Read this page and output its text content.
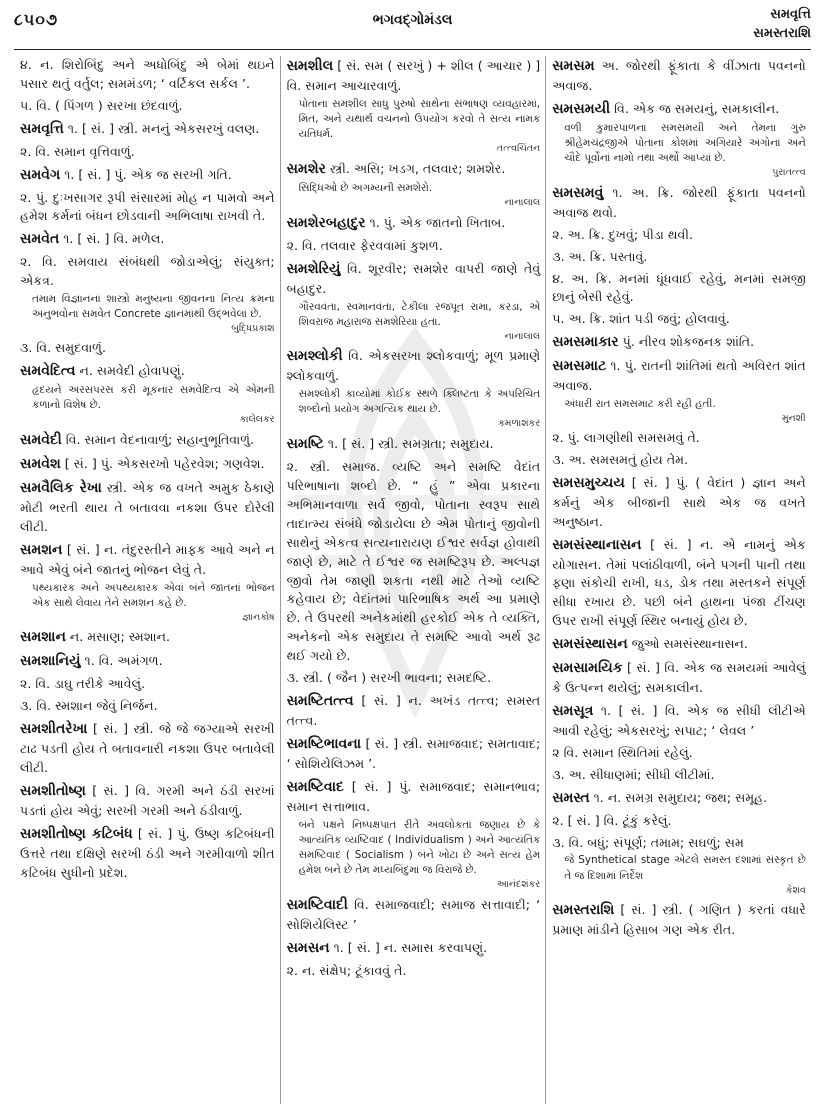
૮૫૦૭	ભગવદ્ગોમંડલ	સમવૃત્તિ
સમસ્તરાશિ
૪. ન. શિરોબિંદુ અને અધોબિંદુ એ બેમાં થઇને પસાર થતું વર્તુલ; સમમંડળ; ‘ વર્ટિકલ સર્કલ ’.
૫. વિ. ( પિંગળ ) સરખા છંદવાળું.
સમવૃત્તિ ૧. [ સં. ] સ્ત્રી. મનનું એકસરખું વલણ.
૨. વિ. સમાન વૃત્તિવાળું.
સમવેગ ૧. [ સં. ] પું. એક જ સરખી ગતિ.
૨. પું. દુઃખસાગર રૂપી સંસારમાં મોહ ન પામવો અને હમેશ કર્મનાં બંધન છોડવાની અભિલાષા રાખવી તે.
સમવેત ૧. [ સં. ] વિ. મળેલ.
૨. વિ. સમવાય સંબંધથી જોડાએલું; સંયુક્ત; એકત્ર.
તમામ વિજ્ઞાનનાં શાસ્ત્રો મનુષ્યના જીવનના નિત્ય ક્રમના અનુભવોના સમવેત Concrete જ્ઞાનમાંથી ઉદ્ભવેલાં છે.
બુદ્ધિપ્રકાશ
૩. વિ. સમુદવાળું.
સમવેદિત્વ ન. સમવેદી હોવાપણું.
હૃદયને અરસપરસ કરી મૂકનાર સમવેદિત્વ એ એમની કળાનો વિશેષ છે.
કાલેલકર
સમવેદી વિ. સમાન વેદનાવાળું; સહાનુભૂતિવાળું.
સમવેશ [ સં. ] પું. એકસરખો પહેરવેશ; ગણવેશ.
સમવૈલિક રેખા સ્ત્રી. એક જ વખતે અમુક ઠેકાણે મોટી ભરતી થાય તે બતાવવા નકશા ઉપર દોરેલી લીટી.
સમશન [ સં. ] ન. તંદુરસ્તીને માફક આવે અને ન આવે એવું બંને જાતનું ભોજન લેવું તે.
પથ્યકારક અને અપથ્યકારક એવાં બંને જાતનાં ભોજન એક સાથે લેવાય તેને સમશન કહે છે.
જ્ઞાનકોષ
સમશાન ન. મસાણ; સ્મશાન.
સમશાનિયું ૧. વિ. અમંગળ.
૨. વિ. ડાઘુ તરીકે આવેલું.
૩. વિ. સ્મશાન જેવું નિર્જન.
સમશીતરેખા [ સં. ] સ્ત્રી. જે જે જગ્યાએ સરખી ટાઢ પડતી હોય તે બતાવનારી નકશા ઉપર બતાવેલી લીટી.
સમશીતોષ્ણ [ સં. ] વિ. ગરમી અને ઠંડી સરખાં પડતાં હોય એવું; સરખી ગરમી અને ઠંડીવાળું.
સમશીતોષ્ણ કટિબંધ [ સં. ] પું. ઉષ્ણ કટિબંધની ઉત્તરે તથા દક્ષિણે સરખી ઠંડી અને ગરમીવાળો શીત કટિબંધ સુધીનો પ્રદેશ.
સમશીલ [ સં. સમ ( સરખું ) + શીલ ( આચાર ) ] વિ. સમાન આચારવાળું.
પોતાના સમશીલ સાધુ પુરુષો સાથેના સંભાષણ વ્યવહારમાં, મિત, અને યથાર્થ વચનનો ઉપયોગ કરવો તે સત્ય નામક યતિધર્મ.
તત્ત્વચિંતન
સમશેર સ્ત્રી. અસિ; ખડગ, તલવાર; શમશેર.
સિદ્ધિઓ છે અગમ્યની સમશેરો.
નાનાલાલ
સમશેરબહાદુર ૧. પું. એક જાતનો ખિતાબ.
૨. વિ. તલવાર ફેરવવામાં કુશળ.
સમશેરિયું વિ. શૂરવીર; સમશેર વાપરી જાણે તેવું બહાદુર.
ગૌરવવંતા, સ્વમાનવંતા, ટેકીલા રજપૂત રામા, કરડા, એ શિવરાજ મહારાજ સમશેરિયા હતા.
નાનાલાલ
સમશ્લોકી વિ. એકસરખા શ્લોકવાળું; મૂળ પ્રમાણે શ્લોકવાળું.
સમશ્લોકી કાવ્યોમાં કોઈક સ્થળે ક્લિષ્ટતા કે અપરિચિત શબ્દોનો પ્રયોગ અગત્યિક થાય છે.
કમળાશંકર
સમષ્ટિ ૧. [ સં. ] સ્ત્રી. સમગ્રતા; સમુદાય.
૨. સ્ત્રી. સમાજ. વ્યષ્ટિ અને સમષ્ટિ વેદાંત પરિભાષાના શબ્દો છે. “ હું ” એવા પ્રકારના અભિમાનવાળા સર્વ જીવો, પોતાના સ્વરૂપ સાથે તાદાત્મ્ય સંબંધે જોડાયેલા છે એમ પોતાનું જીવોની સાથેનું એકત્વ સત્યનારાયણ ઈશ્વર સર્વજ્ઞ હોવાથી જાણે છે, માટે તે ઈશ્વર જ સમષ્ટિરૂપ છે. અલ્પજ્ઞ જીવો તેમ જાણી શકતા નથી માટે તેઓ વ્યષ્ટિ કહેવાય છે; વેદાંતમાં પારિભાષિક અર્થ આ પ્રમાણે છે. તે ઉપરથી અનેકમાંથી હરકોઈ એક તે વ્યક્તિ, અનેકનો એક સમુદાય તે સમષ્ટિ આવો અર્થ રૂઢ થઈ ગયો છે.
૩. સ્ત્રી. ( જૈન ) સરખી ભાવના; સમદષ્ટિ.
સમષ્ટિતત્ત્વ [ સં. ] ન. અખંડ તત્ત્વ; સમસ્ત તત્ત્વ.
સમષ્ટિભાવના [ સં. ] સ્ત્રી. સમાજવાદ; સમતાવાદ; ‘ સોશિયેલિઝમ ’.
સમષ્ટિવાદ [ સં. ] પું. સમાજવાદ; સમાનભાવ; સમાન સત્તાભાવ.
બંને પક્ષને નિષ્પક્ષપાત રીતે અવલોકતાં જણાય છે કે આત્યંતિક વ્યષ્ટિવાદ ( Individualism ) અને આત્યંતિક સમષ્ટિવાદ ( Socialism ) બંને ખોટા છે અને સત્ય હેમ હમેશ બને છે તેમ મધ્યબિંદુમાં જ વિરાજે છે.
આનંદશંકર
સમષ્ટિવાદી વિ. સમાજવાદી; સમાજ સત્તાવાદી; ‘ સોશિયેલિસ્ટ ’
સમસન ૧. [ સં. ] ન. સમાસ કરવાપણું.
૨. ન. સંક્ષેપ; ટૂંકાવવું તે.
સમસમ અ. જોરથી ફૂંકાતા કે વીંઝાતા પવનનો અવાજ.
સમસમયી વિ. એક જ સમયનું, સમકાલીન.
વળી કુમારપાળના સમસમયી અને તેમના ગુરુ શ્રીહેમચંદ્રજીએ પોતાના કોશમાં અગિયારે અંગોનાં અને ચૌદે પૂર્વોનાં નામો તથા અર્થો આપ્યાં છે.
પુરાતત્ત્વ
સમસમવું ૧. અ. ક્રિ. જોરથી ફૂંકાતા પવનનો અવાજ થવો.
૨. અ. ક્રિ. દુખવું; પીડા થવી.
૩. અ. ક્રિ. પસ્તાવું.
૪. અ. ક્રિ. મનમાં ધૂંધવાઈ રહેવું, મનમાં સમજી છાનું બેસી રહેવું.
૫. અ. ક્રિ. શાંત પડી જવું; હોલવાવું.
સમસમાકાર પું. નીરવ શોકજનક શાંતિ.
સમસમાટ ૧. પું. રાતની શાંતિમાં થતો અવિરત શાંત અવાજ.
અંધારી રાત સમસમાટ કરી રહી હતી.
મુનશી
૨. પું. લાગણીથી સમસમવું તે.
૩. અ. સમસમતું હોય તેમ.
સમસમુચ્ચય [ સં. ] પું. ( વેદાંત ) જ્ઞાન અને કર્મનું એક બીજાની સાથે એક જ વખતે અનુષ્ઠાન.
સમસંસ્થાનાસન [ સં. ] ન. એ નામનું એક યોગાસન. તેમાં પલાંઠીવાળી, બંને પગની પાની તથા ફણા સંકોચી રાખી, ધડ, ડોક તથા મસ્તકને સંપૂર્ણ સીધા રખાય છે. પછી બંને હાથના પંજા ટીંચણ ઉપર રાખી સંપૂર્ણ સ્થિર બનાયું હોય છે.
સમસંસ્થાસન જુઓ સમસંસ્થાનાસન.
સમસામયિક [ સં. ] વિ. એક જ સમયમાં આવેલું કે ઉત્પન્ન થયેલું; સમકાલીન.
સમસૂત્ર ૧. [ સં. ] વિ. એક જ સીધી લીટીએ આવી રહેલું; એકસરખું; સપાટ; ‘ લેવલ ’
૨ વિ. સમાન સ્થિતિમાં રહેલું.
૩. અ. સીધાણમાં; સીધી લીટીમાં.
સમસ્ત ૧. ન. સમગ્ર સમુદાય; જથ; સમૂહ.
૨. [ સં. ] વિ. ટૂંકું કરેલું.
૩. વિ. બધું; સંપૂર્ણ; તમામ; સઘળું; સમ
જે Synthetical stage એટલે સમસ્ત દશામાં સંસ્કૃત છે તે જ દિશામાં નિર્દેશ
કેશવ
સમસ્તરાશિ [ સં. ] સ્ત્રી. ( ગણિત ) કરતાં વધારે પ્રમાણ માંડીને હિસાબ ગણ એક રીત.
